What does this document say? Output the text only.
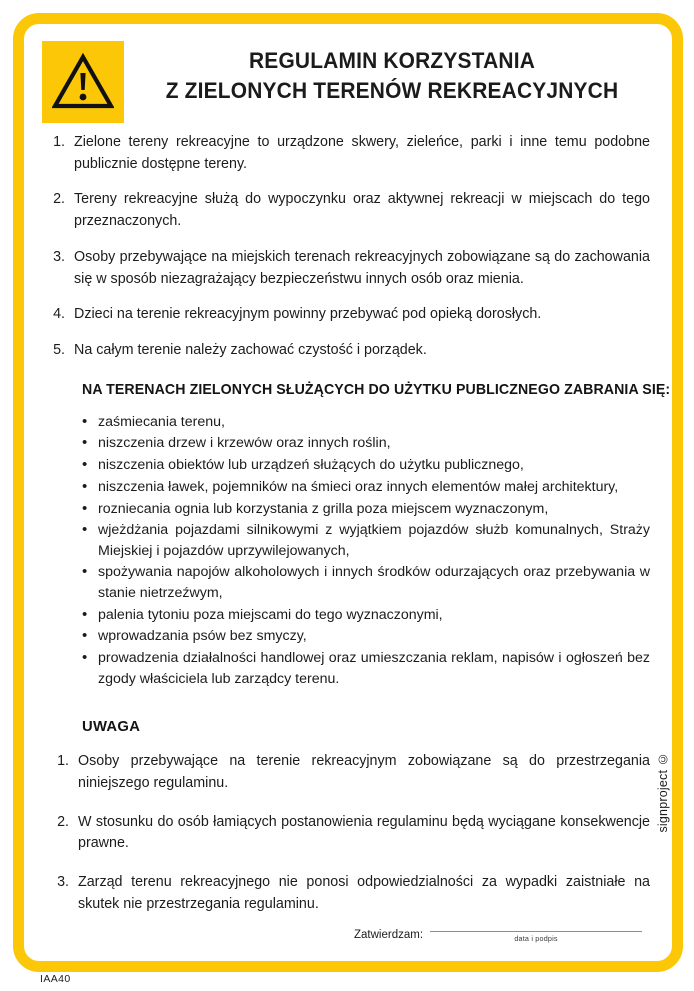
REGULAMIN KORZYSTANIA
Z ZIELONYCH TERENÓW REKREACYJNYCH
1. Zielone tereny rekreacyjne to urządzone skwery, zieleńce, parki i inne temu podobne publicznie dostępne tereny.
2. Tereny rekreacyjne służą do wypoczynku oraz aktywnej rekreacji w miejscach do tego przeznaczonych.
3. Osoby przebywające na miejskich terenach rekreacyjnych zobowiązane są do zachowania się w sposób niezagrażający bezpieczeństwu innych osób oraz mienia.
4. Dzieci na terenie rekreacyjnym powinny przebywać pod opieką dorosłych.
5. Na całym terenie należy zachować czystość i porządek.
NA TERENACH ZIELONYCH SŁUŻĄCYCH DO UŻYTKU PUBLICZNEGO ZABRANIA SIĘ:
• zaśmiecania terenu,
• niszczenia drzew i krzewów oraz innych roślin,
• niszczenia obiektów lub urządzeń służących do użytku publicznego,
• niszczenia ławek, pojemników na śmieci oraz innych elementów małej architektury,
• rozniecania ognia lub korzystania z grilla poza miejscem wyznaczonym,
• wjeżdżania pojazdami silnikowymi z wyjątkiem pojazdów służb komunalnych, Straży Miejskiej i pojazdów uprzywilejowanych,
• spożywania napojów alkoholowych i innych środków odurzających oraz przebywania w stanie nietrzeźwym,
• palenia tytoniu poza miejscami do tego wyznaczonymi,
• wprowadzania psów bez smyczy,
• prowadzenia działalności handlowej oraz umieszczania reklam, napisów i ogłoszeń bez zgody właściciela lub zarządcy terenu.
UWAGA
1. Osoby przebywające na terenie rekreacyjnym zobowiązane są do przestrzegania niniejszego regulaminu.
2. W stosunku do osób łamiących postanowienia regulaminu będą wyciągane konsekwencje prawne.
3. Zarząd terenu rekreacyjnego nie ponosi odpowiedzialności za wypadki zaistniałe na skutek nie przestrzegania regulaminu.
signproject ©
Zatwierdzam:	data i podpis
IAA40
